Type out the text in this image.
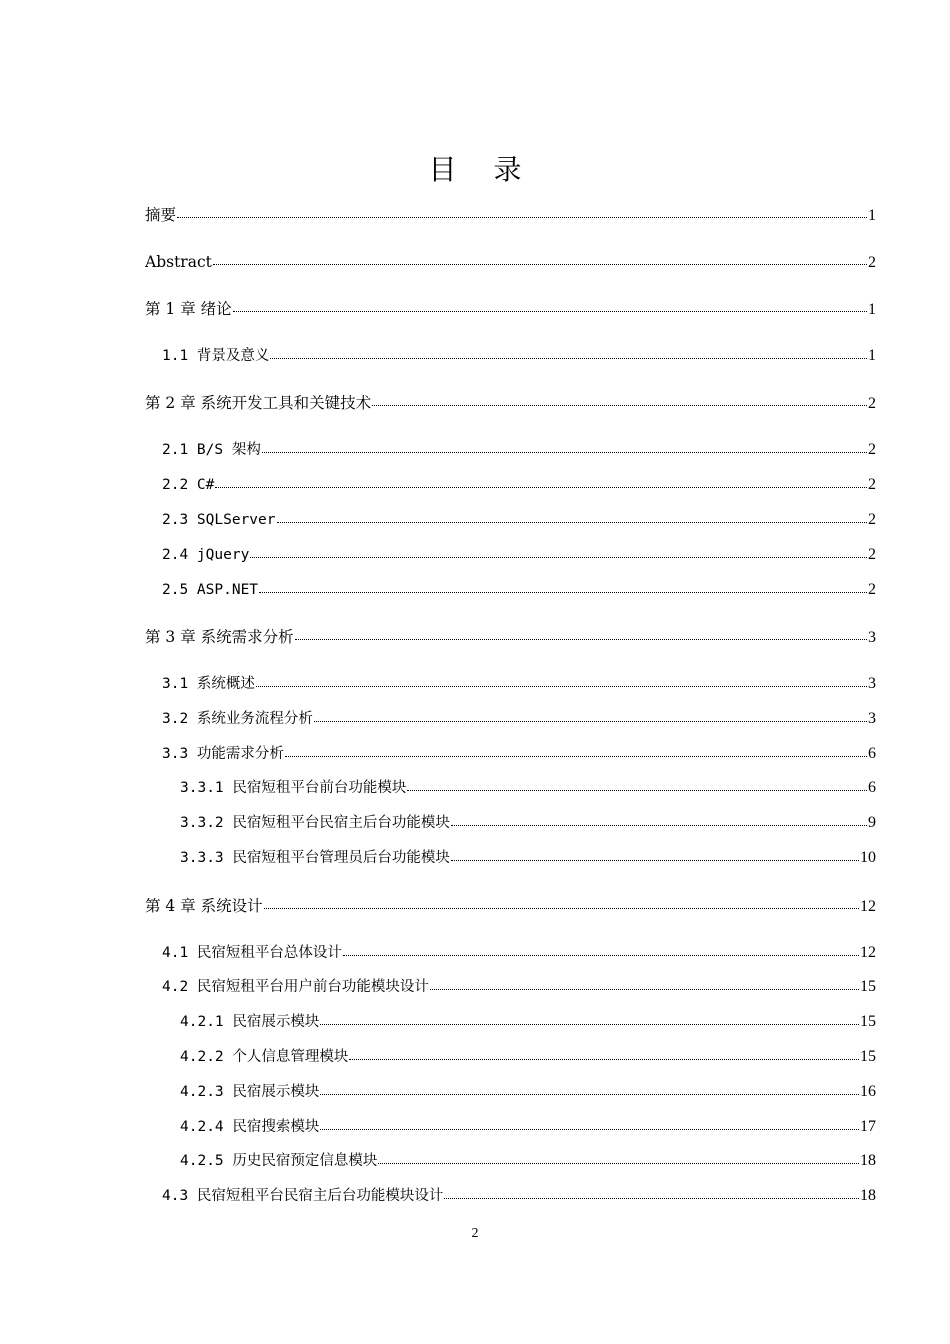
目 录
摘要	1
Abstract	2
第 1 章 绪论	1
1.1 背景及意义	1
第 2 章 系统开发工具和关键技术	2
2.1 B/S 架构	2
2.2 C#	2
2.3 SQLServer	2
2.4 jQuery	2
2.5 ASP.NET	2
第 3 章 系统需求分析	3
3.1 系统概述	3
3.2 系统业务流程分析	3
3.3 功能需求分析	6
3.3.1 民宿短租平台前台功能模块	6
3.3.2 民宿短租平台民宿主后台功能模块	9
3.3.3 民宿短租平台管理员后台功能模块	10
第 4 章 系统设计	12
4.1 民宿短租平台总体设计	12
4.2 民宿短租平台用户前台功能模块设计	15
4.2.1 民宿展示模块	15
4.2.2 个人信息管理模块	15
4.2.3 民宿展示模块	16
4.2.4 民宿搜索模块	17
4.2.5 历史民宿预定信息模块	18
4.3 民宿短租平台民宿主后台功能模块设计	18
2
